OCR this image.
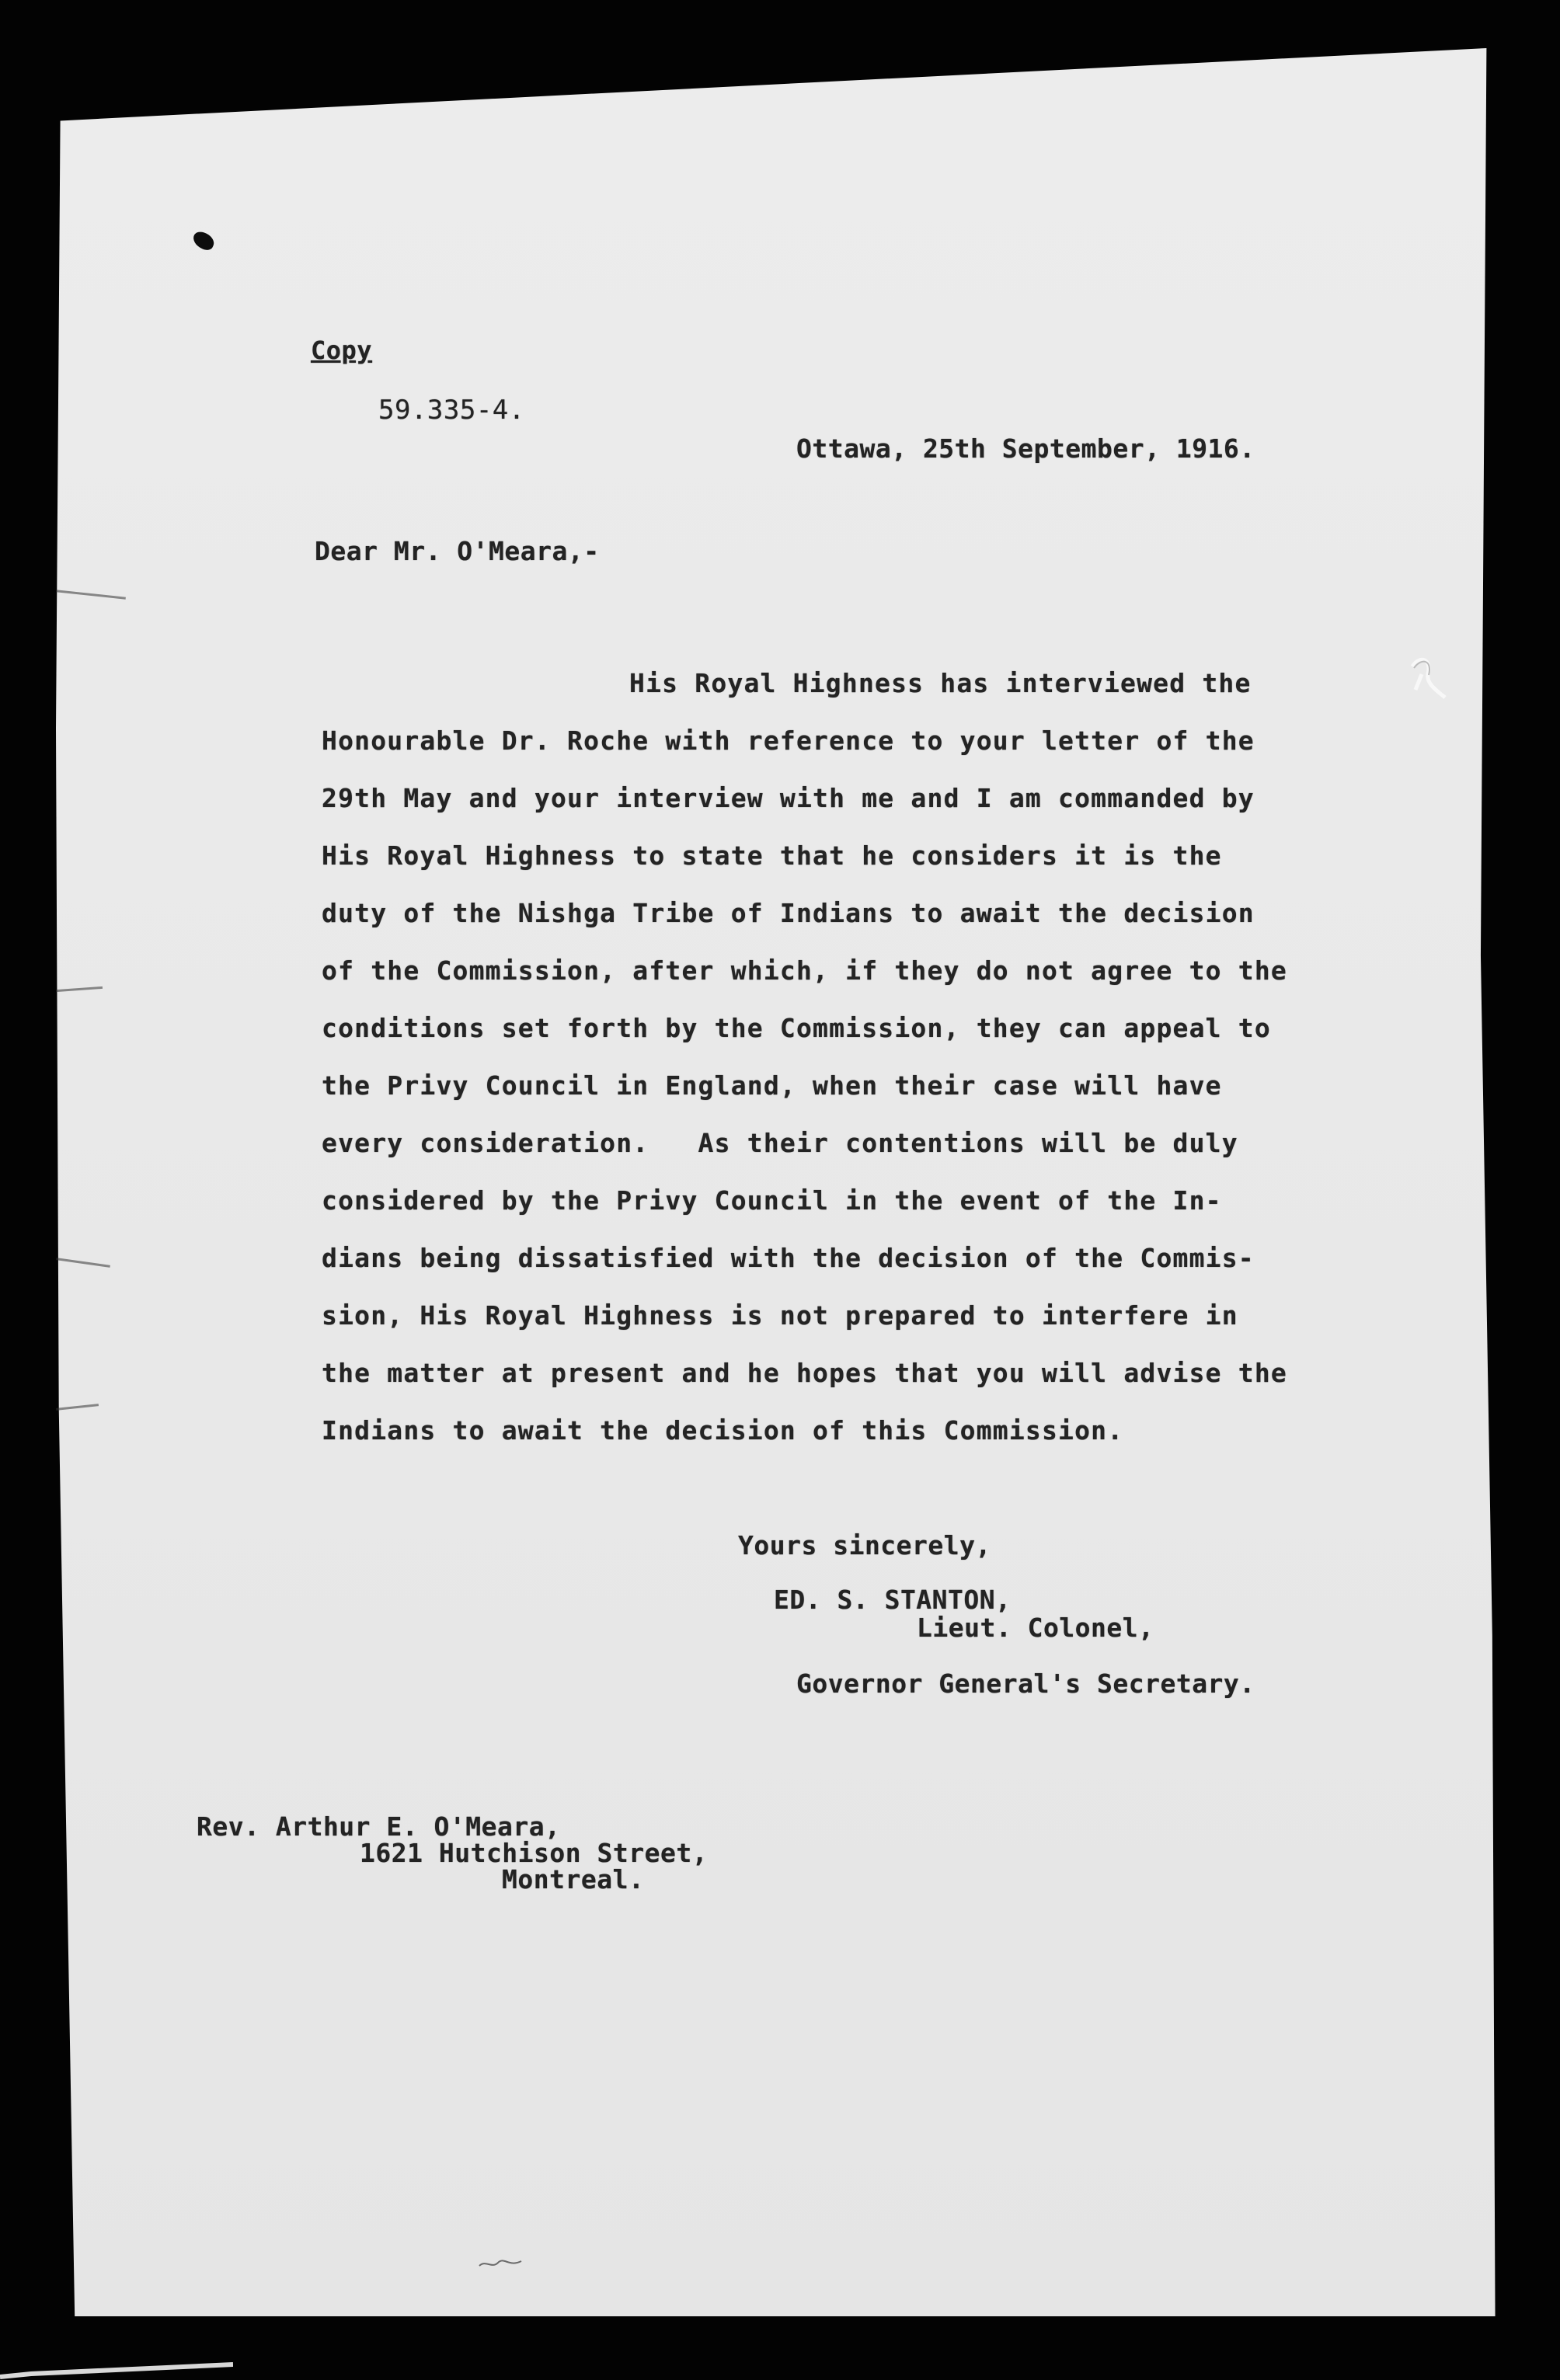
Copy
59.335-4.
Ottawa, 25th September, 1916.
Dear Mr. O'Meara,-
His Royal Highness has interviewed the
Honourable Dr. Roche with reference to your letter of the
29th May and your interview with me and I am commanded by
His Royal Highness to state that he considers it is the
duty of the Nishga Tribe of Indians to await the decision
of the Commission, after which, if they do not agree to the
conditions set forth by the Commission, they can appeal to
the Privy Council in England, when their case will have
every consideration.   As their contentions will be duly
considered by the Privy Council in the event of the In-
dians being dissatisfied with the decision of the Commis-
sion, His Royal Highness is not prepared to interfere in
the matter at present and he hopes that you will advise the
Indians to await the decision of this Commission.
Yours sincerely,
ED. S. STANTON,
Lieut. Colonel,
Governor General's Secretary.
Rev. Arthur E. O'Meara,
1621 Hutchison Street,
Montreal.
